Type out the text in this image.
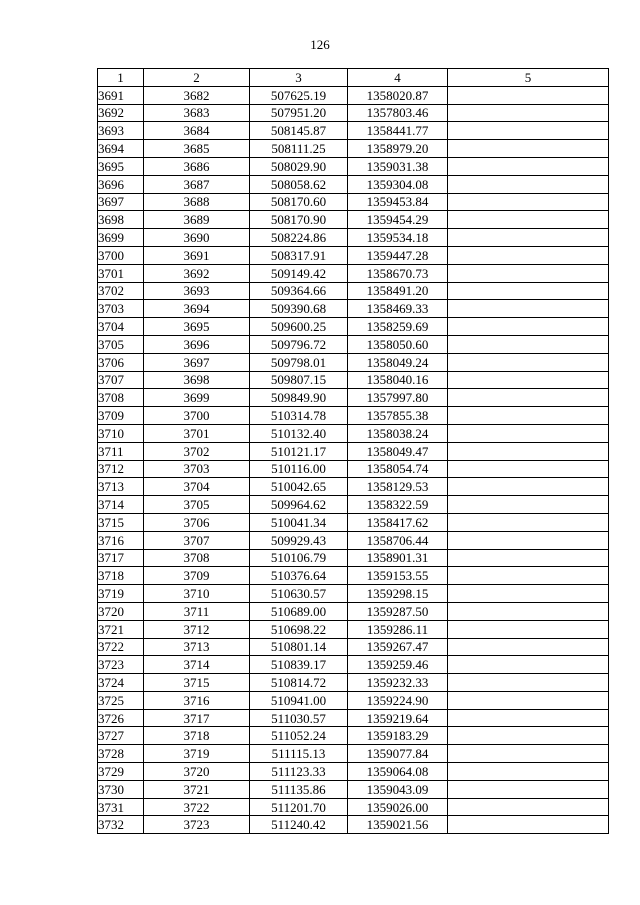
126
1	2	3	4	5
3691	3682	507625.19	1358020.87	
3692	3683	507951.20	1357803.46	
3693	3684	508145.87	1358441.77	
3694	3685	508111.25	1358979.20	
3695	3686	508029.90	1359031.38	
3696	3687	508058.62	1359304.08	
3697	3688	508170.60	1359453.84	
3698	3689	508170.90	1359454.29	
3699	3690	508224.86	1359534.18	
3700	3691	508317.91	1359447.28	
3701	3692	509149.42	1358670.73	
3702	3693	509364.66	1358491.20	
3703	3694	509390.68	1358469.33	
3704	3695	509600.25	1358259.69	
3705	3696	509796.72	1358050.60	
3706	3697	509798.01	1358049.24	
3707	3698	509807.15	1358040.16	
3708	3699	509849.90	1357997.80	
3709	3700	510314.78	1357855.38	
3710	3701	510132.40	1358038.24	
3711	3702	510121.17	1358049.47	
3712	3703	510116.00	1358054.74	
3713	3704	510042.65	1358129.53	
3714	3705	509964.62	1358322.59	
3715	3706	510041.34	1358417.62	
3716	3707	509929.43	1358706.44	
3717	3708	510106.79	1358901.31	
3718	3709	510376.64	1359153.55	
3719	3710	510630.57	1359298.15	
3720	3711	510689.00	1359287.50	
3721	3712	510698.22	1359286.11	
3722	3713	510801.14	1359267.47	
3723	3714	510839.17	1359259.46	
3724	3715	510814.72	1359232.33	
3725	3716	510941.00	1359224.90	
3726	3717	511030.57	1359219.64	
3727	3718	511052.24	1359183.29	
3728	3719	511115.13	1359077.84	
3729	3720	511123.33	1359064.08	
3730	3721	511135.86	1359043.09	
3731	3722	511201.70	1359026.00	
3732	3723	511240.42	1359021.56	
